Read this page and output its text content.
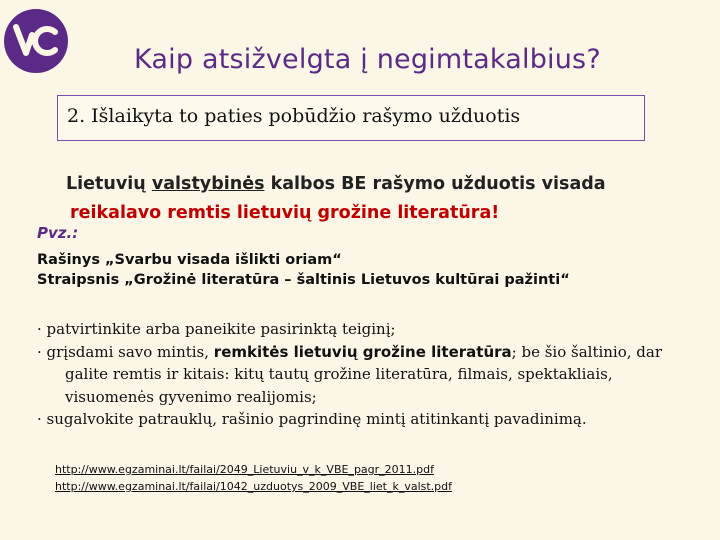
Kaip atsižvelgta į negimtakalbius?
2. Išlaikyta to paties pobūdžio rašymo užduotis
Lietuvių valstybinės kalbos BE rašymo užduotis visada
reikalavo remtis lietuvių grožine literatūra!
Pvz.:
Rašinys „Svarbu visada išlikti oriam“
Straipsnis „Grožinė literatūra – šaltinis Lietuvos kultūrai pažinti“
· patvirtinkite arba paneikite pasirinktą teiginį;
· grįsdami savo mintis, remkitės lietuvių grožine literatūra; be šio šaltinio, dar
galite remtis ir kitais: kitų tautų grožine literatūra, filmais, spektakliais,
visuomenės gyvenimo realijomis;
· sugalvokite patrauklų, rašinio pagrindinę mintį atitinkantį pavadinimą.
http://www.egzaminai.lt/failai/2049_Lietuviu_v_k_VBE_pagr_2011.pdf
http://www.egzaminai.lt/failai/1042_uzduotys_2009_VBE_liet_k_valst.pdf
